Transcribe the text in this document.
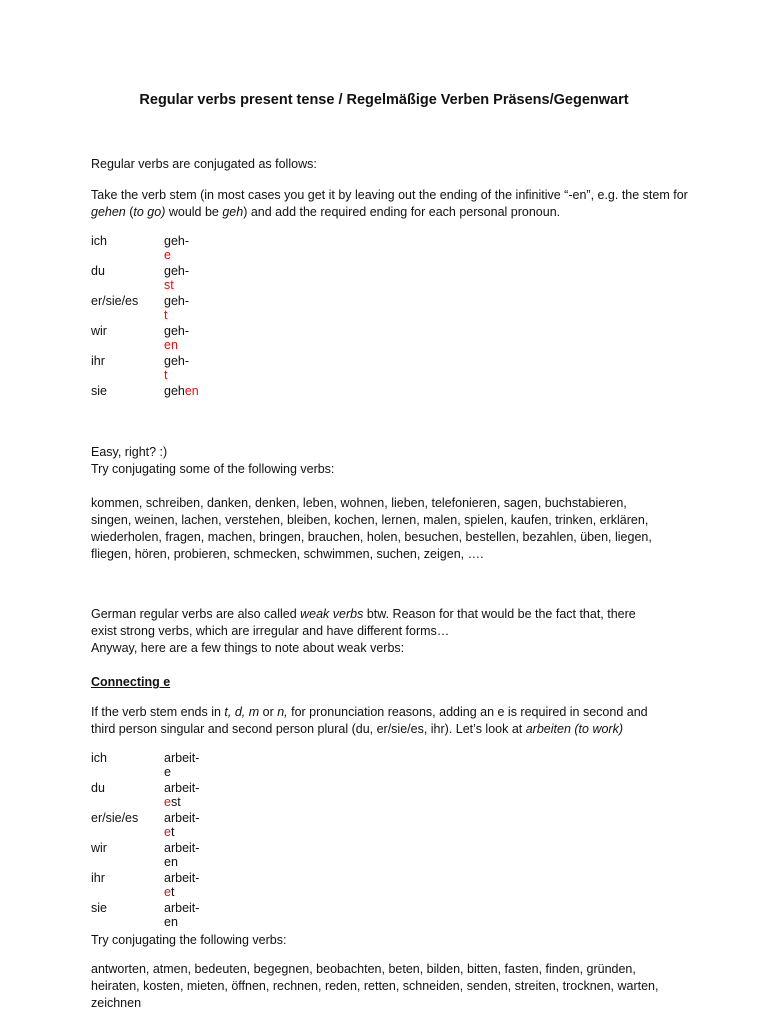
Regular verbs present tense / Regelmäßige Verben Präsens/Gegenwart

Regular verbs are conjugated as follows:

Take the verb stem (in most cases you get it by leaving out the ending of the infinitive “-en”, e.g. the stem for gehen (to go) would be geh) and add the required ending for each personal pronoun.

ich	geh-e
du	geh-st
er/sie/es geh-t
wir	geh-en
ihr	geh-t
sie	gehen

Easy, right? :)

Try conjugating some of the following verbs:

kommen, schreiben, danken, denken, leben, wohnen, lieben, telefonieren, sagen, buchstabieren,
singen, weinen, lachen, verstehen, bleiben, kochen, lernen, malen, spielen, kaufen, trinken, erklären,
wiederholen, fragen, machen, bringen, brauchen, holen, besuchen, bestellen, bezahlen, üben, liegen,
fliegen, hören, probieren, schmecken, schwimmen, suchen, zeigen, ….
German regular verbs are also called weak verbs btw. Reason for that would be the fact that, there
exist strong verbs, which are irregular and have different forms…
Anyway, here are a few things to note about weak verbs:

Connecting e

If the verb stem ends in t, d, m or n, for pronunciation reasons, adding an e is required in second and
third person singular and second person plural (du, er/sie/es, ihr). Let’s look at arbeiten (to work)
ich	arbeit-e
du	arbeit-est
er/sie/es arbeit-et
wir	arbeit-en
ihr	arbeit-et
sie	arbeit-en

Try conjugating the following verbs:

antworten, atmen, bedeuten, begegnen, beobachten, beten, bilden, bitten, fasten, finden, gründen,
heiraten, kosten, mieten, öffnen, rechnen, reden, retten, schneiden, senden, streiten, trocknen, warten,
zeichnen
